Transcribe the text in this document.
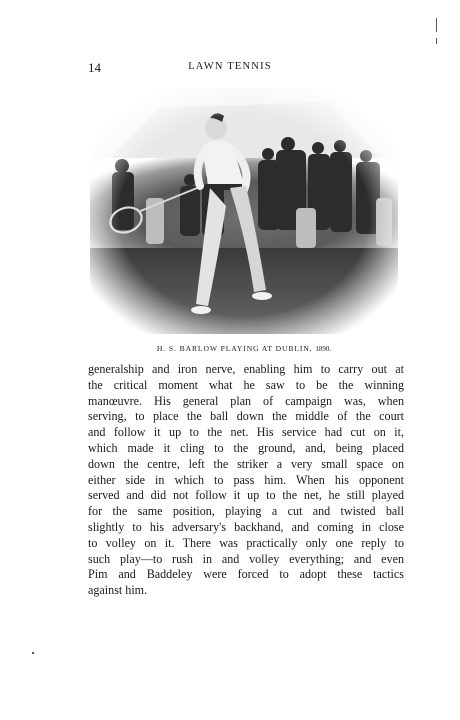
14	LAWN TENNIS
H. S. BARLOW PLAYING AT DUBLIN, 1890.
generalship and iron nerve, enabling him to carry out at
the critical moment what he saw to be the winning
manœuvre. His general plan of campaign was, when
serving, to place the ball down the middle of the court
and follow it up to the net. His service had cut on it,
which made it cling to the ground, and, being placed
down the centre, left the striker a very small space on
either side in which to pass him. When his opponent
served and did not follow it up to the net, he still played
for the same position, playing a cut and twisted ball
slightly to his adversary's backhand, and coming in close
to volley on it. There was practically only one reply to
such play—to rush in and volley everything; and even
Pim and Baddeley were forced to adopt these tactics
against him.
